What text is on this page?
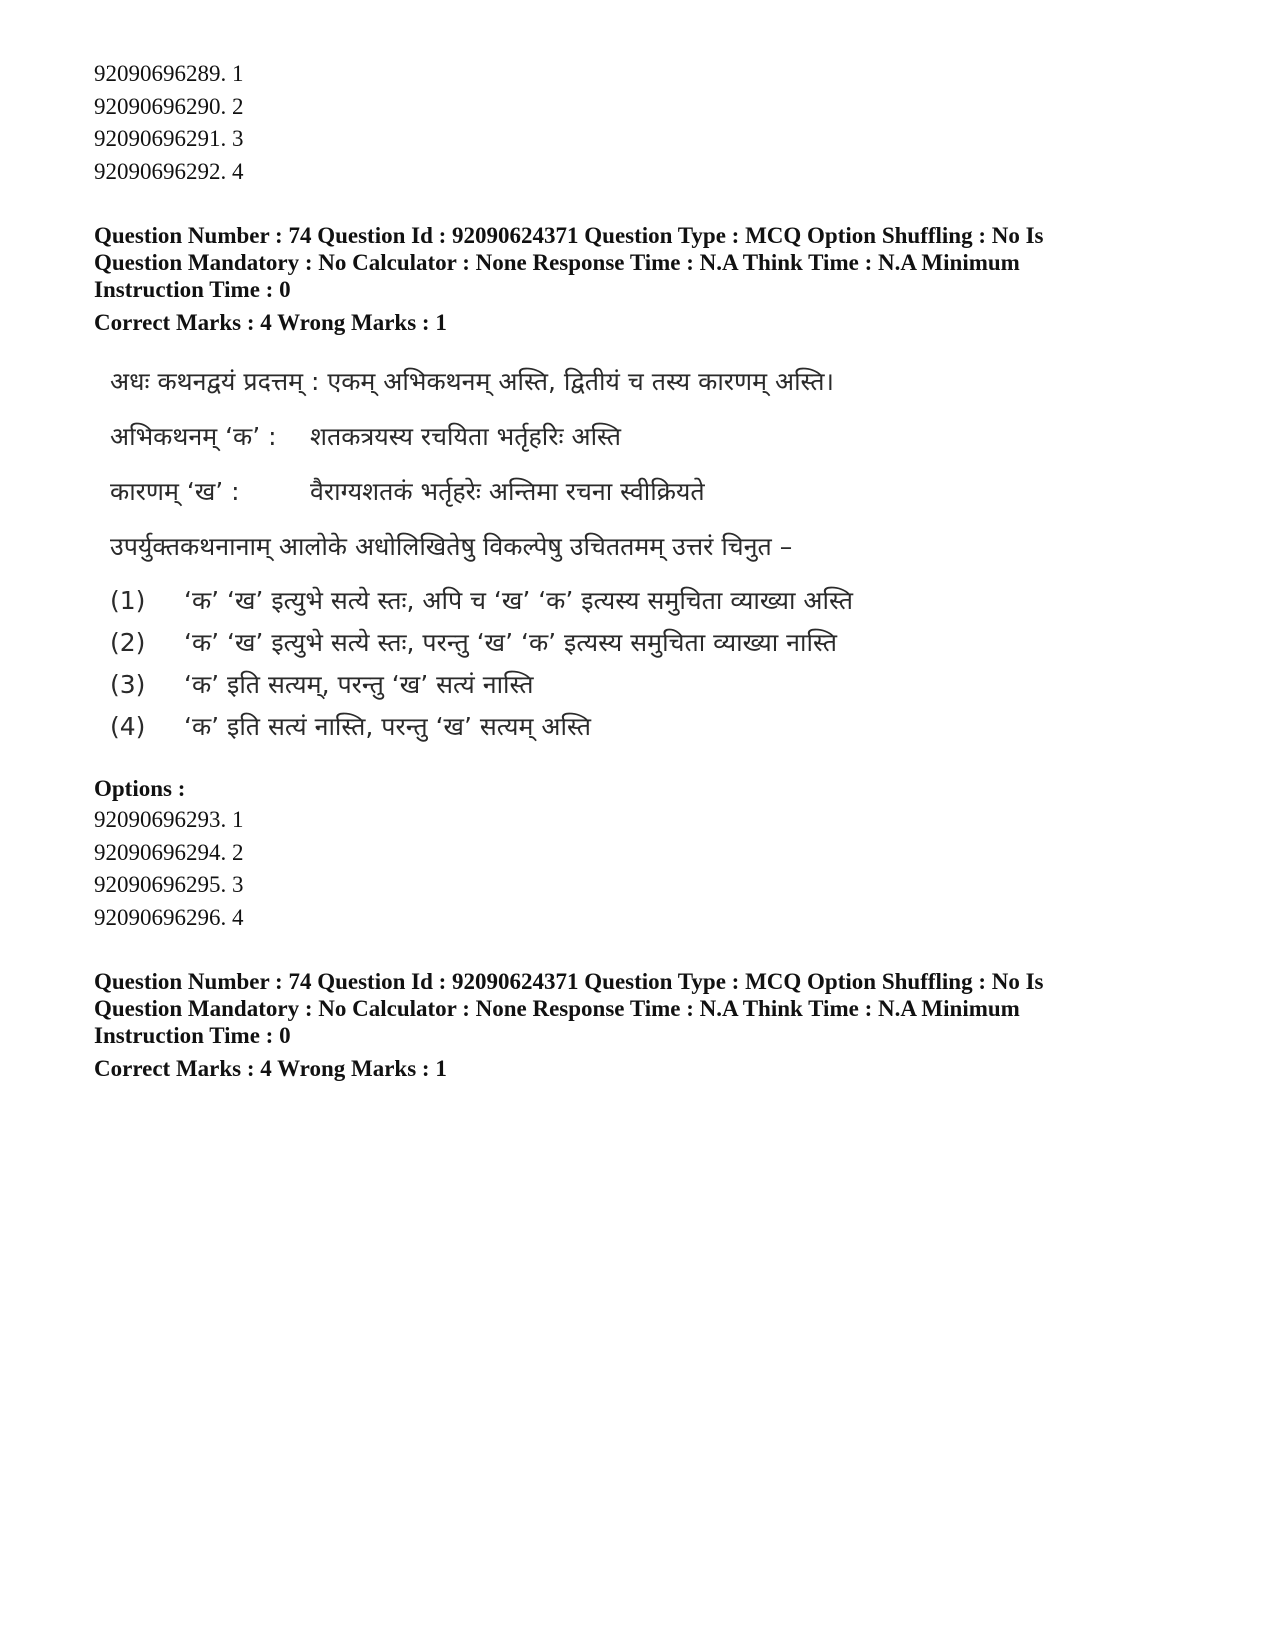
92090696289. 1
92090696290. 2
92090696291. 3
92090696292. 4
Question Number : 74 Question Id : 92090624371 Question Type : MCQ Option Shuffling : No Is
Question Mandatory : No Calculator : None Response Time : N.A Think Time : N.A Minimum
Instruction Time : 0
Correct Marks : 4 Wrong Marks : 1
अधः कथनद्वयं प्रदत्तम् : एकम् अभिकथनम् अस्ति, द्वितीयं च तस्य कारणम् अस्ति।
अभिकथनम् ‘क’ :	शतकत्रयस्य रचयिता भर्तृहरिः अस्ति
कारणम् ‘ख’ :	वैराग्यशतकं भर्तृहरेः अन्तिमा रचना स्वीक्रियते
उपर्युक्तकथनानाम् आलोके अधोलिखितेषु विकल्पेषु उचिततमम् उत्तरं चिनुत –
(1)	‘क’ ‘ख’ इत्युभे सत्ये स्तः, अपि च ‘ख’ ‘क’ इत्यस्य समुचिता व्याख्या अस्ति
(2)	‘क’ ‘ख’ इत्युभे सत्ये स्तः, परन्तु ‘ख’ ‘क’ इत्यस्य समुचिता व्याख्या नास्ति
(3)	‘क’ इति सत्यम्, परन्तु ‘ख’ सत्यं नास्ति
(4)	‘क’ इति सत्यं नास्ति, परन्तु ‘ख’ सत्यम् अस्ति
Options :
92090696293. 1
92090696294. 2
92090696295. 3
92090696296. 4
Question Number : 74 Question Id : 92090624371 Question Type : MCQ Option Shuffling : No Is
Question Mandatory : No Calculator : None Response Time : N.A Think Time : N.A Minimum
Instruction Time : 0
Correct Marks : 4 Wrong Marks : 1
